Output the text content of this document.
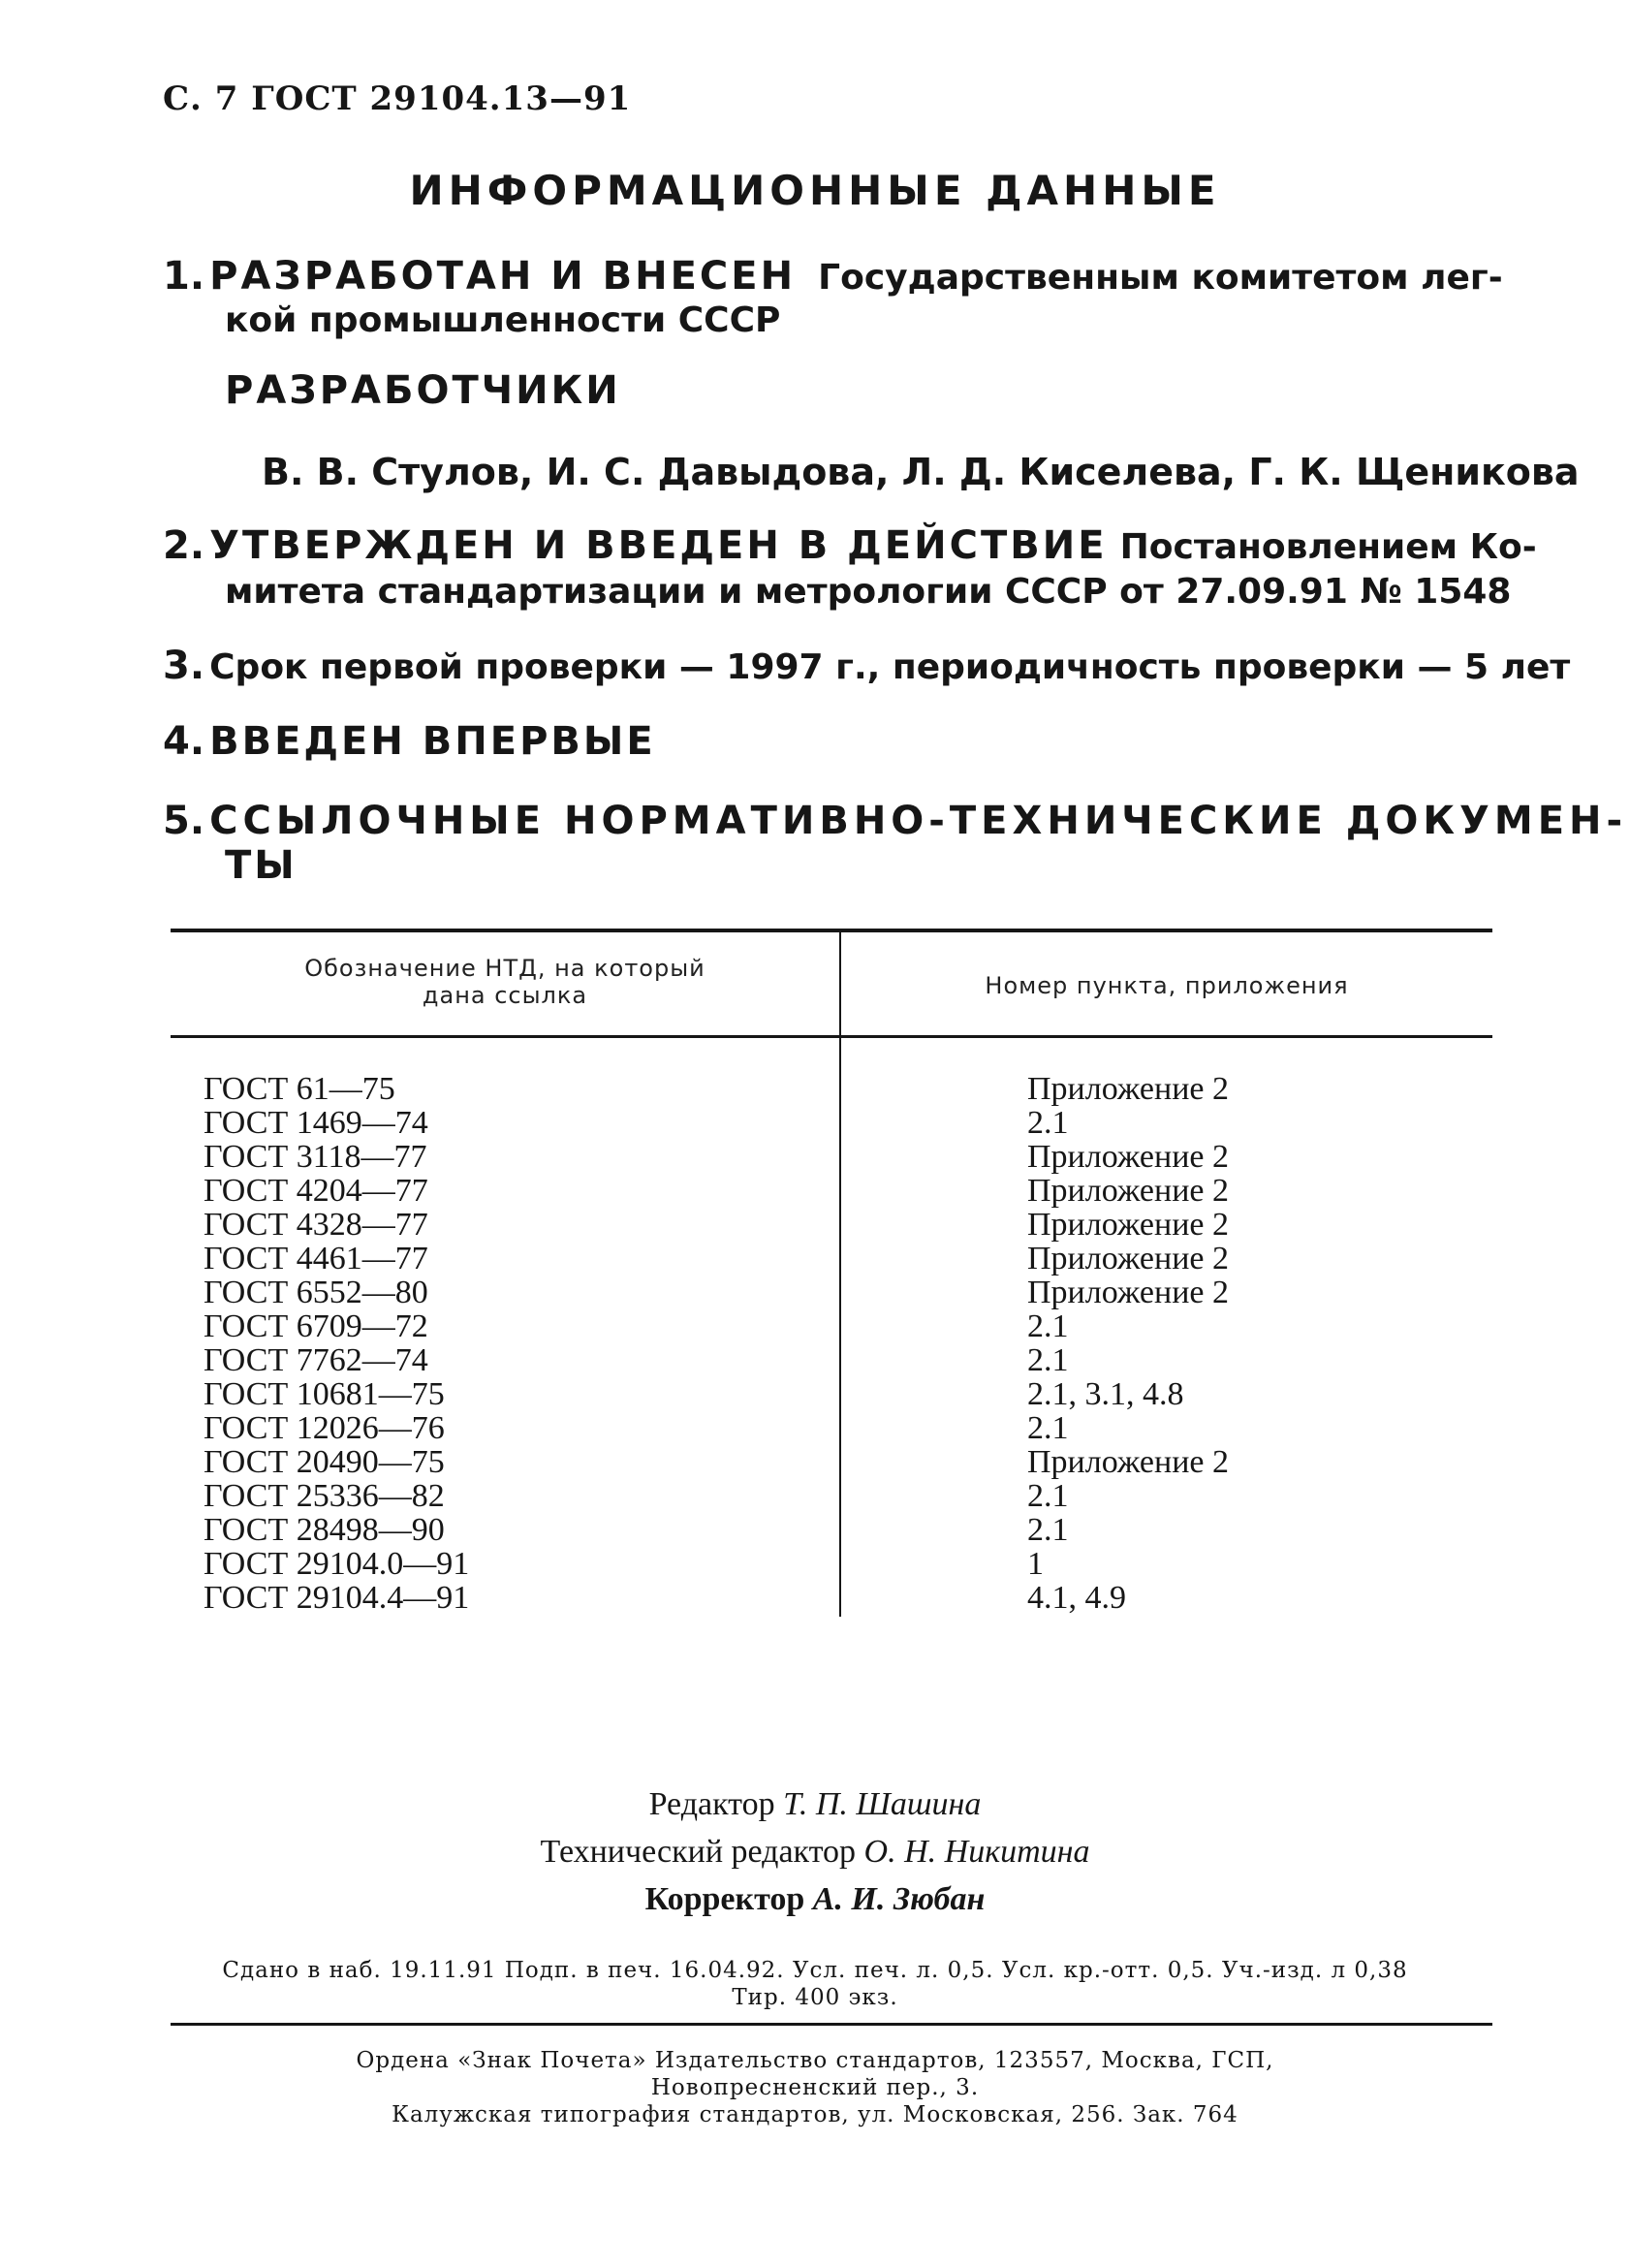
С. 7 ГОСТ 29104.13—91
ИНФОРМАЦИОННЫЕ ДАННЫЕ
1. РАЗРАБОТАН И ВНЕСЕН Государственным комитетом лег-
кой промышленности СССР
РАЗРАБОТЧИКИ
В. В. Стулов, И. С. Давыдова, Л. Д. Киселева, Г. К. Щеникова
2. УТВЕРЖДЕН И ВВЕДЕН В ДЕЙСТВИЕ Постановлением Ко-
митета стандартизации и метрологии СССР от 27.09.91 № 1548
3. Срок первой проверки — 1997 г., периодичность проверки — 5 лет
4. ВВЕДЕН ВПЕРВЫЕ
5. ССЫЛОЧНЫЕ НОРМАТИВНО-ТЕХНИЧЕСКИЕ ДОКУМЕН-
ТЫ
Обозначение НТД, на который
дана ссылка	Номер пункта, приложения
ГОСТ 61—75
ГОСТ 1469—74
ГОСТ 3118—77
ГОСТ 4204—77
ГОСТ 4328—77
ГОСТ 4461—77
ГОСТ 6552—80
ГОСТ 6709—72
ГОСТ 7762—74
ГОСТ 10681—75
ГОСТ 12026—76
ГОСТ 20490—75
ГОСТ 25336—82
ГОСТ 28498—90
ГОСТ 29104.0—91
ГОСТ 29104.4—91
Приложение 2
2.1
Приложение 2
Приложение 2
Приложение 2
Приложение 2
Приложение 2
2.1
2.1
2.1, 3.1, 4.8
2.1
Приложение 2
2.1
2.1
1
4.1, 4.9
Редактор Т. П. Шашина
Технический редактор О. Н. Никитина
Корректор А. И. Зюбан
Сдано в наб. 19.11.91 Подп. в печ. 16.04.92. Усл. печ. л. 0,5. Усл. кр.-отт. 0,5. Уч.-изд. л 0,38
Тир. 400 экз.
Ордена «Знак Почета» Издательство стандартов, 123557, Москва, ГСП,
Новопресненский пер., 3.
Калужская типография стандартов, ул. Московская, 256. Зак. 764
